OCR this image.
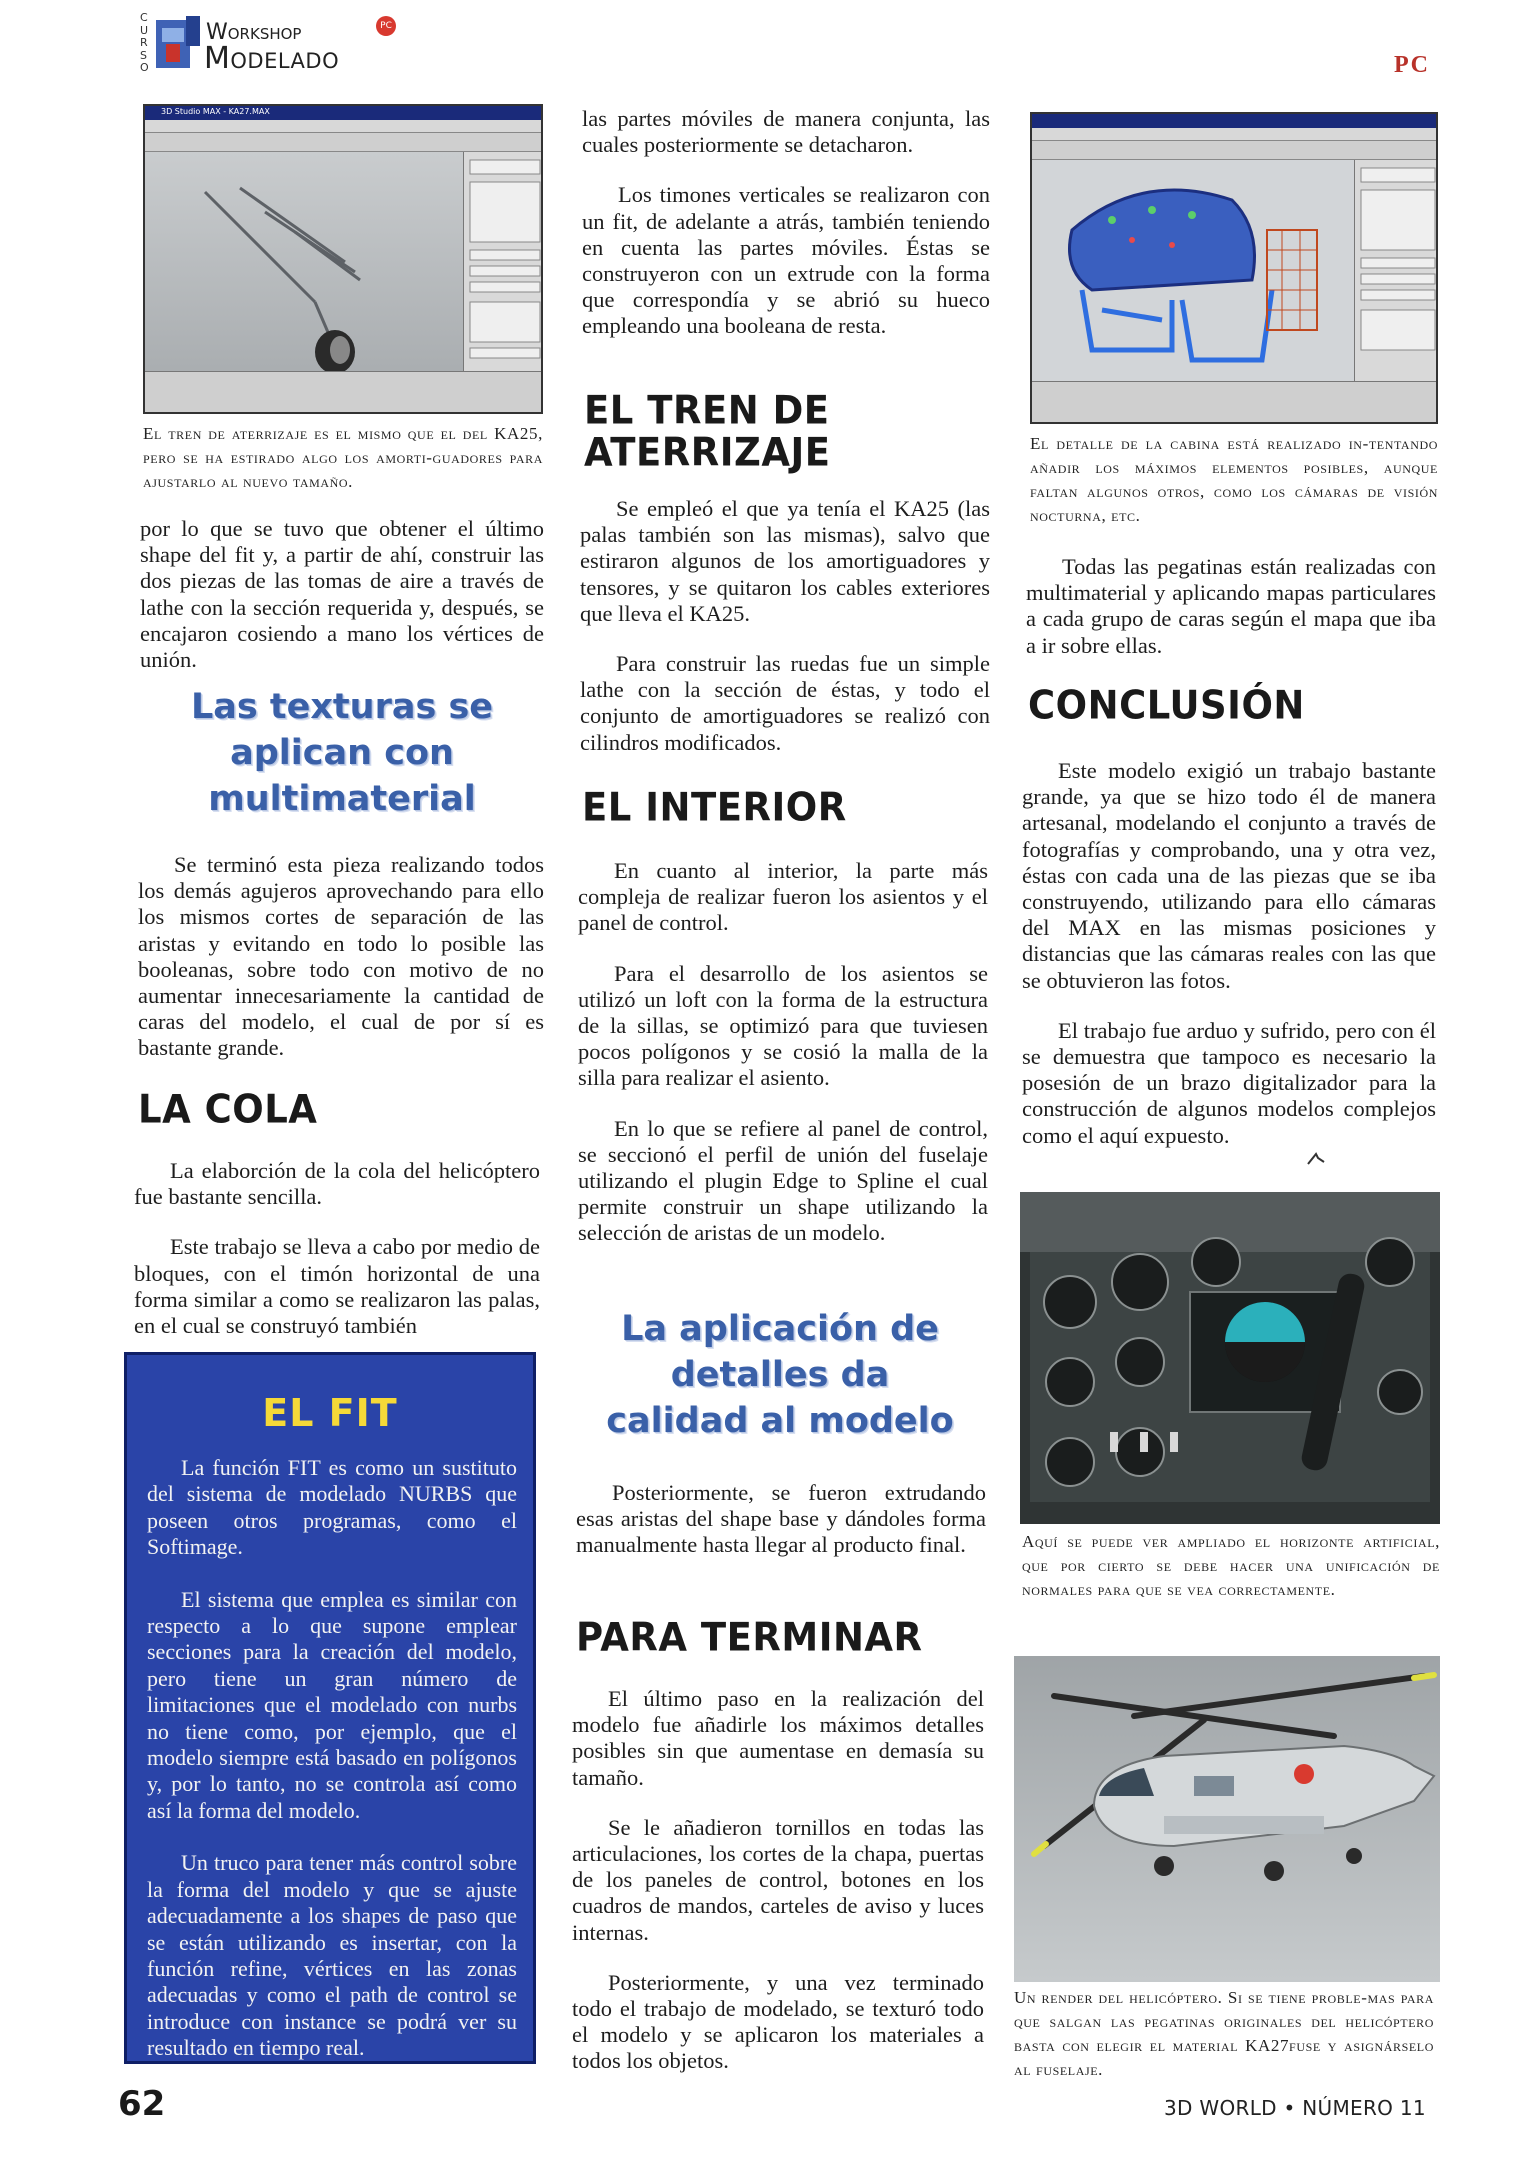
CURSO
Workshop
Modelado
PC
PC
3D Studio MAX - KA27.MAX
El tren de aterrizaje es el mismo que el del KA25, pero se ha estirado algo los amorti-guadores para ajustarlo al nuevo tamaño.

por lo que se tuvo que obtener el último shape del fit y, a partir de ahí, construir las dos piezas de las tomas de aire a través de lathe con la sección requerida y, después, se encajaron cosiendo a mano los vértices de unión.

Las texturas se aplican con multimaterial

Se terminó esta pieza realizando todos los demás agujeros aprovechando para ello los mismos cortes de separación de las aristas y evitando en todo lo posible las booleanas, sobre todo con motivo de no aumentar innecesariamente la cantidad de caras del modelo, el cual de por sí es bastante grande.

LA COLA

La elaborción de la cola del helicóptero fue bastante sencilla.

Este trabajo se lleva a cabo por medio de bloques, con el timón horizontal de una forma similar a como se realizaron las palas, en el cual se construyó también

EL FIT

La función FIT es como un sustituto del sistema de modelado NURBS que poseen otros programas, como el Softimage.

El sistema que emplea es similar con respecto a lo que supone emplear secciones para la creación del modelo, pero tiene un gran número de limitaciones que el modelado con nurbs no tiene como, por ejemplo, que el modelo siempre está basado en polígonos y, por lo tanto, no se controla así como así la forma del modelo.

Un truco para tener más control sobre la forma del modelo y que se ajuste adecuadamente a los shapes de paso que se están utilizando es insertar, con la función refine, vértices en las zonas adecuadas y como el path de control se introduce con instance se podrá ver su resultado en tiempo real.

las partes móviles de manera conjunta, las cuales posteriormente se detacharon.

Los timones verticales se realizaron con un fit, de adelante a atrás, también teniendo en cuenta las partes móviles. Éstas se construyeron con un extrude con la forma que correspondía y se abrió su hueco empleando una booleana de resta.

EL TREN DE ATERRIZAJE

Se empleó el que ya tenía el KA25 (las palas también son las mismas), salvo que estiraron algunos de los amortiguadores y tensores, y se quitaron los cables exteriores que lleva el KA25.

Para construir las ruedas fue un simple lathe con la sección de éstas, y todo el conjunto de amortiguadores se realizó con cilindros modificados.

EL INTERIOR

En cuanto al interior, la parte más compleja de realizar fueron los asientos y el panel de control.

Para el desarrollo de los asientos se utilizó un loft con la forma de la estructura de la sillas, se optimizó para que tuviesen pocos polígonos y se cosió la malla de la silla para realizar el asiento.

En lo que se refiere al panel de control, se seccionó el perfil de unión del fuselaje utilizando el plugin Edge to Spline el cual permite construir un shape utilizando la selección de aristas de un modelo.

La aplicación de detalles da calidad al modelo

Posteriormente, se fueron extrudando esas aristas del shape base y dándoles forma manualmente hasta llegar al producto final.

PARA TERMINAR

El último paso en la realización del modelo fue añadirle los máximos detalles posibles sin que aumentase en demasía su tamaño.

Se le añadieron tornillos en todas las articulaciones, los cortes de la chapa, puertas de los paneles de control, botones en los cuadros de mandos, carteles de aviso y luces internas.

Posteriormente, y una vez terminado todo el trabajo de modelado, se texturó todo el modelo y se aplicaron los materiales a todos los objetos.

El detalle de la cabina está realizado in-tentando añadir los máximos elementos posibles, aunque faltan algunos otros, como los cámaras de visión nocturna, etc.

Todas las pegatinas están realizadas con multimaterial y aplicando mapas particulares a cada grupo de caras según el mapa que iba a ir sobre ellas.

CONCLUSIÓN

Este modelo exigió un trabajo bastante grande, ya que se hizo todo él de manera artesanal, modelando el conjunto a través de fotografías y comprobando, una y otra vez, éstas con cada una de las piezas que se iba construyendo, utilizando para ello cámaras del MAX en las mismas posiciones y distancias que las cámaras reales con las que se obtuvieron las fotos.

El trabajo fue arduo y sufrido, pero con él se demuestra que tampoco es necesario la posesión de un brazo digitalizador para la construcción de algunos modelos complejos como el aquí expuesto.

Aquí se puede ver ampliado el horizonte artificial, que por cierto se debe hacer una unificación de normales para que se vea correctamente.
Un render del helicóptero. Si se tiene proble-mas para que salgan las pegatinas originales del helicóptero basta con elegir el material KA27fuse y asignárselo al fuselaje.
62	3D WORLD • NÚMERO 11
